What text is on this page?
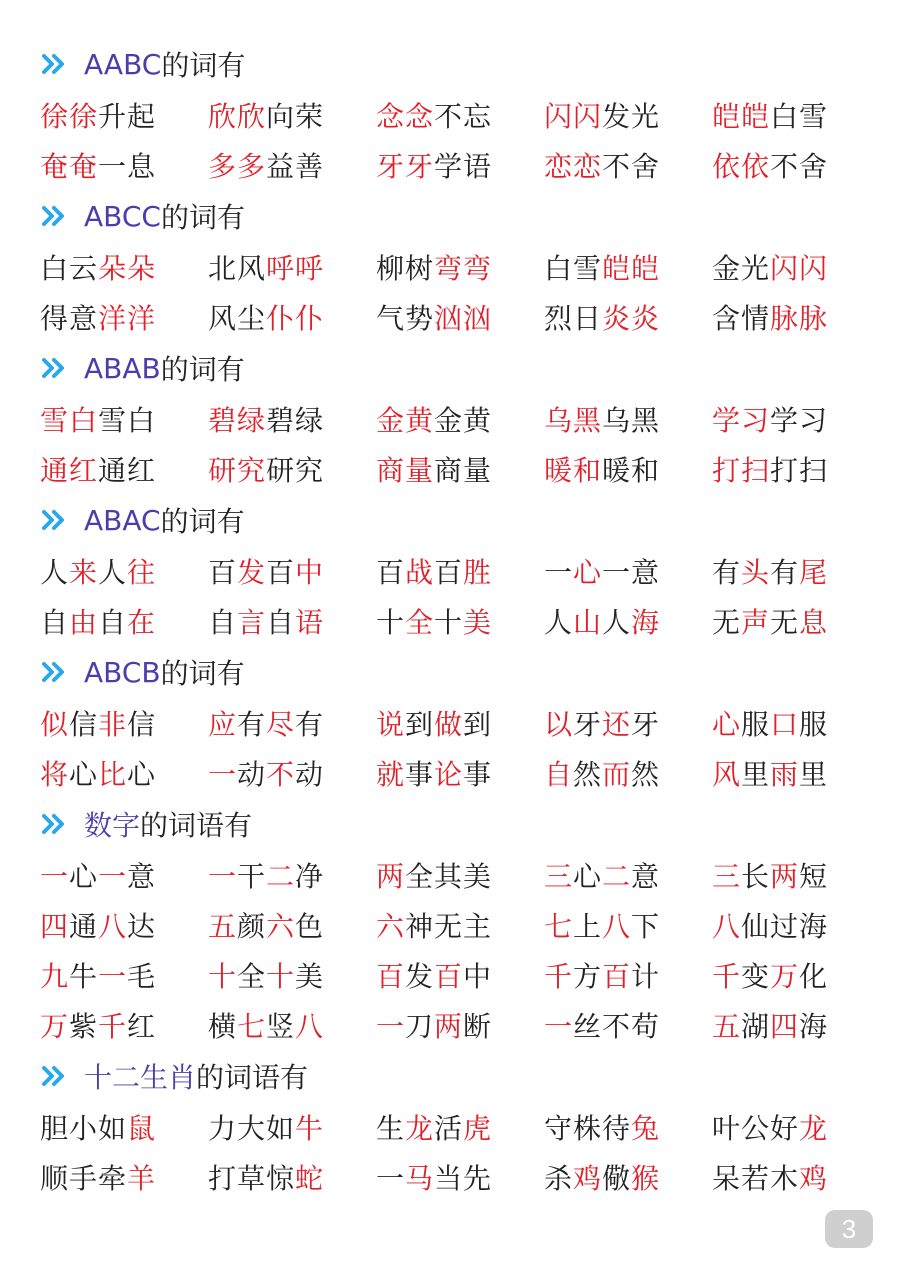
AABC 的词有
徐徐升起	欣欣向荣	念念不忘	闪闪发光	皑皑白雪
奄奄一息	多多益善	牙牙学语	恋恋不舍	依依不舍
ABCC 的词有
白云朵朵	北风呼呼	柳树弯弯	白雪皑皑	金光闪闪
得意洋洋	风尘仆仆	气势汹汹	烈日炎炎	含情脉脉
ABAB 的词有
雪白雪白	碧绿碧绿	金黄金黄	乌黑乌黑	学习学习
通红通红	研究研究	商量商量	暖和暖和	打扫打扫
ABAC 的词有
人来人往	百发百中	百战百胜	一心一意	有头有尾
自由自在	自言自语	十全十美	人山人海	无声无息
ABCB 的词有
似信非信	应有尽有	说到做到	以牙还牙	心服口服
将心比心	一动不动	就事论事	自然而然	风里雨里
数字 的词语有
一心一意	一干二净	两全其美	三心二意	三长两短
四通八达	五颜六色	六神无主	七上八下	八仙过海
九牛一毛	十全十美	百发百中	千方百计	千变万化
万紫千红	横七竖八	一刀两断	一丝不苟	五湖四海
十二生肖 的词语有
胆小如鼠	力大如牛	生龙活虎	守株待兔	叶公好龙
顺手牵羊	打草惊蛇	一马当先	杀鸡儆猴	呆若木鸡
3
